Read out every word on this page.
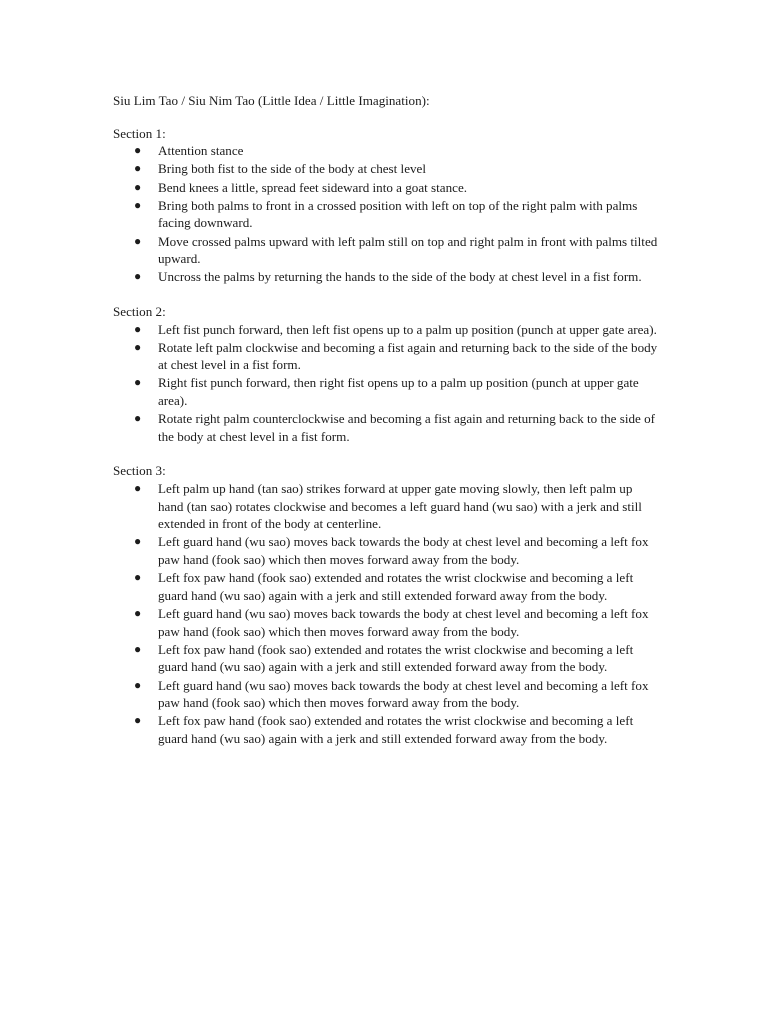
Siu Lim Tao / Siu Nim Tao (Little Idea / Little Imagination):

Section 1:

● Attention stance
● Bring both fist to the side of the body at chest level
● Bend knees a little, spread feet sideward into a goat stance.
● Bring both palms to front in a crossed position with left on top of the right palm with palms facing downward.
● Move crossed palms upward with left palm still on top and right palm in front with palms tilted upward.
● Uncross the palms by returning the hands to the side of the body at chest level in a fist form.

Section 2:

● Left fist punch forward, then left fist opens up to a palm up position (punch at upper gate area).
● Rotate left palm clockwise and becoming a fist again and returning back to the side of the body at chest level in a fist form.
● Right fist punch forward, then right fist opens up to a palm up position (punch at upper gate area).
● Rotate right palm counterclockwise and becoming a fist again and returning back to the side of the body at chest level in a fist form.

Section 3:

● Left palm up hand (tan sao) strikes forward at upper gate moving slowly, then left palm up hand (tan sao) rotates clockwise and becomes a left guard hand (wu sao) with a jerk and still extended in front of the body at centerline.
● Left guard hand (wu sao) moves back towards the body at chest level and becoming a left fox paw hand (fook sao) which then moves forward away from the body.
● Left fox paw hand (fook sao) extended and rotates the wrist clockwise and becoming a left guard hand (wu sao) again with a jerk and still extended forward away from the body.
● Left guard hand (wu sao) moves back towards the body at chest level and becoming a left fox paw hand (fook sao) which then moves forward away from the body.
● Left fox paw hand (fook sao) extended and rotates the wrist clockwise and becoming a left guard hand (wu sao) again with a jerk and still extended forward away from the body.
● Left guard hand (wu sao) moves back towards the body at chest level and becoming a left fox paw hand (fook sao) which then moves forward away from the body.
● Left fox paw hand (fook sao) extended and rotates the wrist clockwise and becoming a left guard hand (wu sao) again with a jerk and still extended forward away from the body.
